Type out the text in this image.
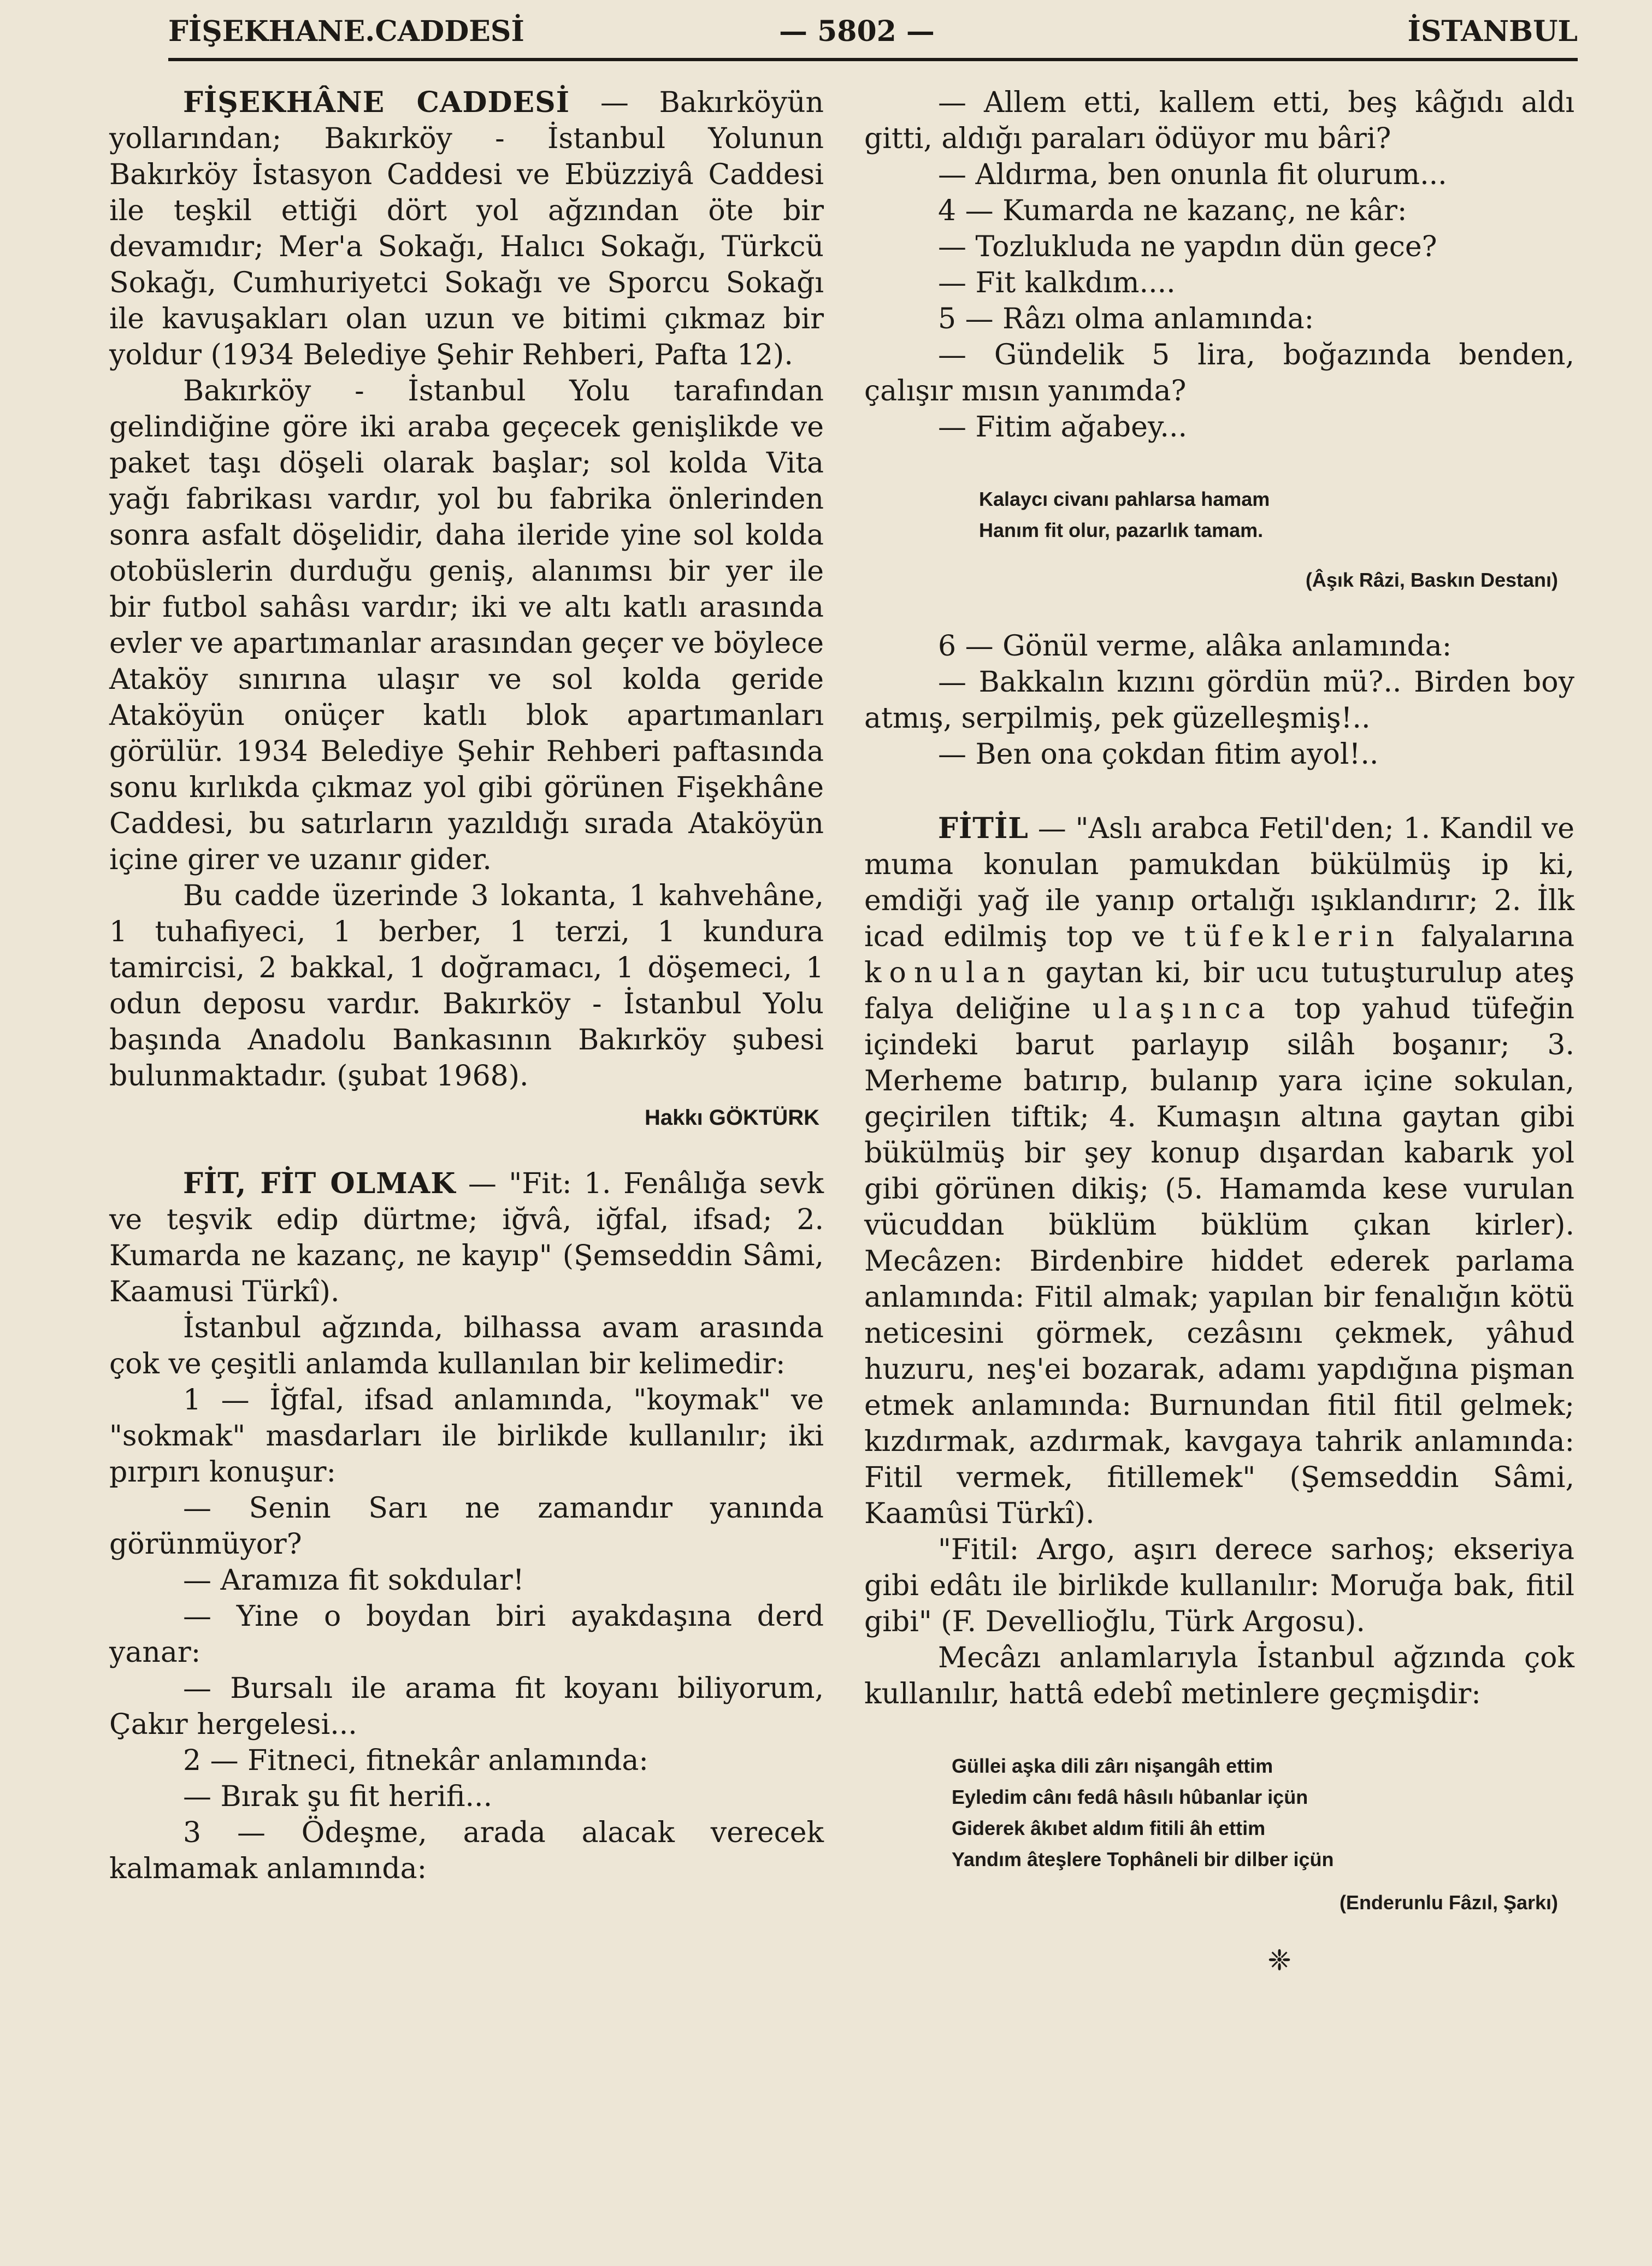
FİŞEKHANE.CADDESİ	— 5802 —	İSTANBUL

FİŞEKHÂNE CADDESİ — Bakırköyün yollarından; Bakırköy - İstanbul Yolunun Bakırköy İstasyon Caddesi ve Ebüzziyâ Caddesi ile teşkil ettiği dört yol ağzından öte bir devamıdır; Mer'a Sokağı, Halıcı Sokağı, Türkcü Sokağı, Cumhuriyetci Sokağı ve Sporcu Sokağı ile kavuşakları olan uzun ve bitimi çıkmaz bir yoldur (1934 Belediye Şehir Rehberi, Pafta 12).

Bakırköy - İstanbul Yolu tarafından gelindiğine göre iki araba geçecek genişlikde ve paket taşı döşeli olarak başlar; sol kolda Vita yağı fabrikası vardır, yol bu fabrika önlerinden sonra asfalt döşelidir, daha ileride yine sol kolda otobüslerin durduğu geniş, alanımsı bir yer ile bir futbol sahâsı vardır; iki ve altı katlı arasında evler ve apartımanlar arasından geçer ve böylece Ataköy sınırına ulaşır ve sol kolda geride Ataköyün onüçer katlı blok apartımanları görülür. 1934 Belediye Şehir Rehberi paftasında sonu kırlıkda çıkmaz yol gibi görünen Fişekhâne Caddesi, bu satırların yazıldığı sırada Ataköyün içine girer ve uzanır gider.

Bu cadde üzerinde 3 lokanta, 1 kahvehâne, 1 tuhafiyeci, 1 berber, 1 terzi, 1 kundura tamircisi, 2 bakkal, 1 doğramacı, 1 döşemeci, 1 odun deposu vardır. Bakırköy - İstanbul Yolu başında Anadolu Bankasının Bakırköy şubesi bulunmaktadır. (şubat 1968).

Hakkı GÖKTÜRK

FİT, FİT OLMAK — "Fit: 1. Fenâlığa sevk ve teşvik edip dürtme; iğvâ, iğfal, ifsad; 2. Kumarda ne kazanç, ne kayıp" (Şemseddin Sâmi, Kaamusi Türkî).

İstanbul ağzında, bilhassa avam arasında çok ve çeşitli anlamda kullanılan bir kelimedir:

1 — İğfal, ifsad anlamında, "koymak" ve "sokmak" masdarları ile birlikde kullanılır; iki pırpırı konuşur:

— Senin Sarı ne zamandır yanında görünmüyor?

— Aramıza fit sokdular!

— Yine o boydan biri ayakdaşına derd yanar:

— Bursalı ile arama fit koyanı biliyorum, Çakır hergelesi...

2 — Fitneci, fitnekâr anlamında:

— Bırak şu fit herifi...

3 — Ödeşme, arada alacak verecek kalmamak anlamında:

— Allem etti, kallem etti, beş kâğıdı aldı gitti, aldığı paraları ödüyor mu bâri?

— Aldırma, ben onunla fit olurum...

4 — Kumarda ne kazanç, ne kâr:

— Tozlukluda ne yapdın dün gece?

— Fit kalkdım....

5 — Râzı olma anlamında:

— Gündelik 5 lira, boğazında benden, çalışır mısın yanımda?

— Fitim ağabey...

Kalaycı civanı pahlarsa hamam
Hanım fit olur, pazarlık tamam.
(Âşık Râzi, Baskın Destanı)

6 — Gönül verme, alâka anlamında:

— Bakkalın kızını gördün mü?.. Birden boy atmış, serpilmiş, pek güzelleşmiş!..

— Ben ona çokdan fitim ayol!..

FİTİL — "Aslı arabca Fetil'den; 1. Kandil ve muma konulan pamukdan bükülmüş ip ki, emdiği yağ ile yanıp ortalığı ışıklandırır; 2. İlk icad edilmiş top ve tüfeklerin falyalarına konulan gaytan ki, bir ucu tutuşturulup ateş falya deliğine ulaşınca top yahud tüfeğin içindeki barut parlayıp silâh boşanır; 3. Merheme batırıp, bulanıp yara içine sokulan, geçirilen tiftik; 4. Kumaşın altına gaytan gibi bükülmüş bir şey konup dışardan kabarık yol gibi görünen dikiş; (5. Hamamda kese vurulan vücuddan büklüm büklüm çıkan kirler). Mecâzen: Birdenbire hiddet ederek parlama anlamında: Fitil almak; yapılan bir fenalığın kötü neticesini görmek, cezâsını çekmek, yâhud huzuru, neş'ei bozarak, adamı yapdığına pişman etmek anlamında: Burnundan fitil fitil gelmek; kızdırmak, azdırmak, kavgaya tahrik anlamında: Fitil vermek, fitillemek" (Şemseddin Sâmi, Kaamûsi Türkî).

"Fitil: Argo, aşırı derece sarhoş; ekseriya gibi edâtı ile birlikde kullanılır: Moruğa bak, fitil gibi" (F. Devellioğlu, Türk Argosu).

Mecâzı anlamlarıyla İstanbul ağzında çok kullanılır, hattâ edebî metinlere geçmişdir:

Güllei aşka dili zârı nişangâh ettim
Eyledim cânı fedâ hâsılı hûbanlar içün
Giderek âkıbet aldım fitili âh ettim
Yandım âteşlere Tophâneli bir dilber içün
(Enderunlu Fâzıl, Şarkı)
❈
